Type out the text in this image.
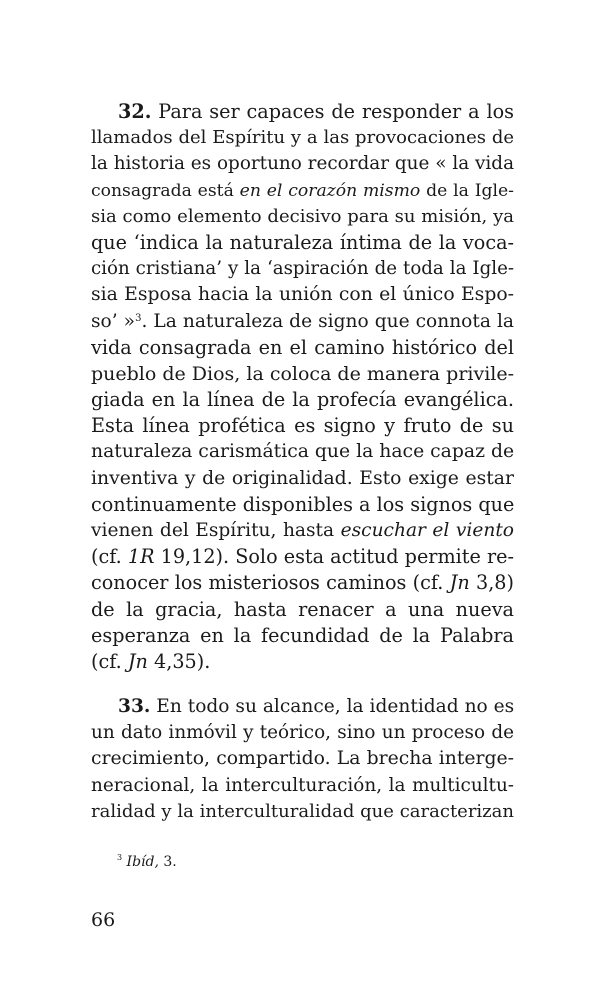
32. Para ser capaces de responder a los
llamados del Espíritu y a las provocaciones de
la historia es oportuno recordar que « la vida
consagrada está en el corazón mismo de la Igle-
sia como elemento decisivo para su misión, ya
que ‘indica la naturaleza íntima de la voca-
ción cristiana’ y la ‘aspiración de toda la Igle-
sia Esposa hacia la unión con el único Espo-
so’ »$^3$. La naturaleza de signo que connota la
vida consagrada en el camino histórico del
pueblo de Dios, la coloca de manera privile-
giada en la línea de la profecía evangélica.
Esta línea profética es signo y fruto de su
naturaleza carismática que la hace capaz de
inventiva y de originalidad. Esto exige estar
continuamente disponibles a los signos que
vienen del Espíritu, hasta escuchar el viento
(cf. 1R 19,12). Solo esta actitud permite re-
conocer los misteriosos caminos (cf. Jn 3,8)
de la gracia, hasta renacer a una nueva
esperanza en la fecundidad de la Palabra
(cf. Jn 4,35).
33. En todo su alcance, la identidad no es
un dato inmóvil y teórico, sino un proceso de
crecimiento, compartido. La brecha interge-
neracional, la interculturación, la multicultu-
ralidad y la interculturalidad que caracterizan
$^3$ Ibíd, 3.
66
